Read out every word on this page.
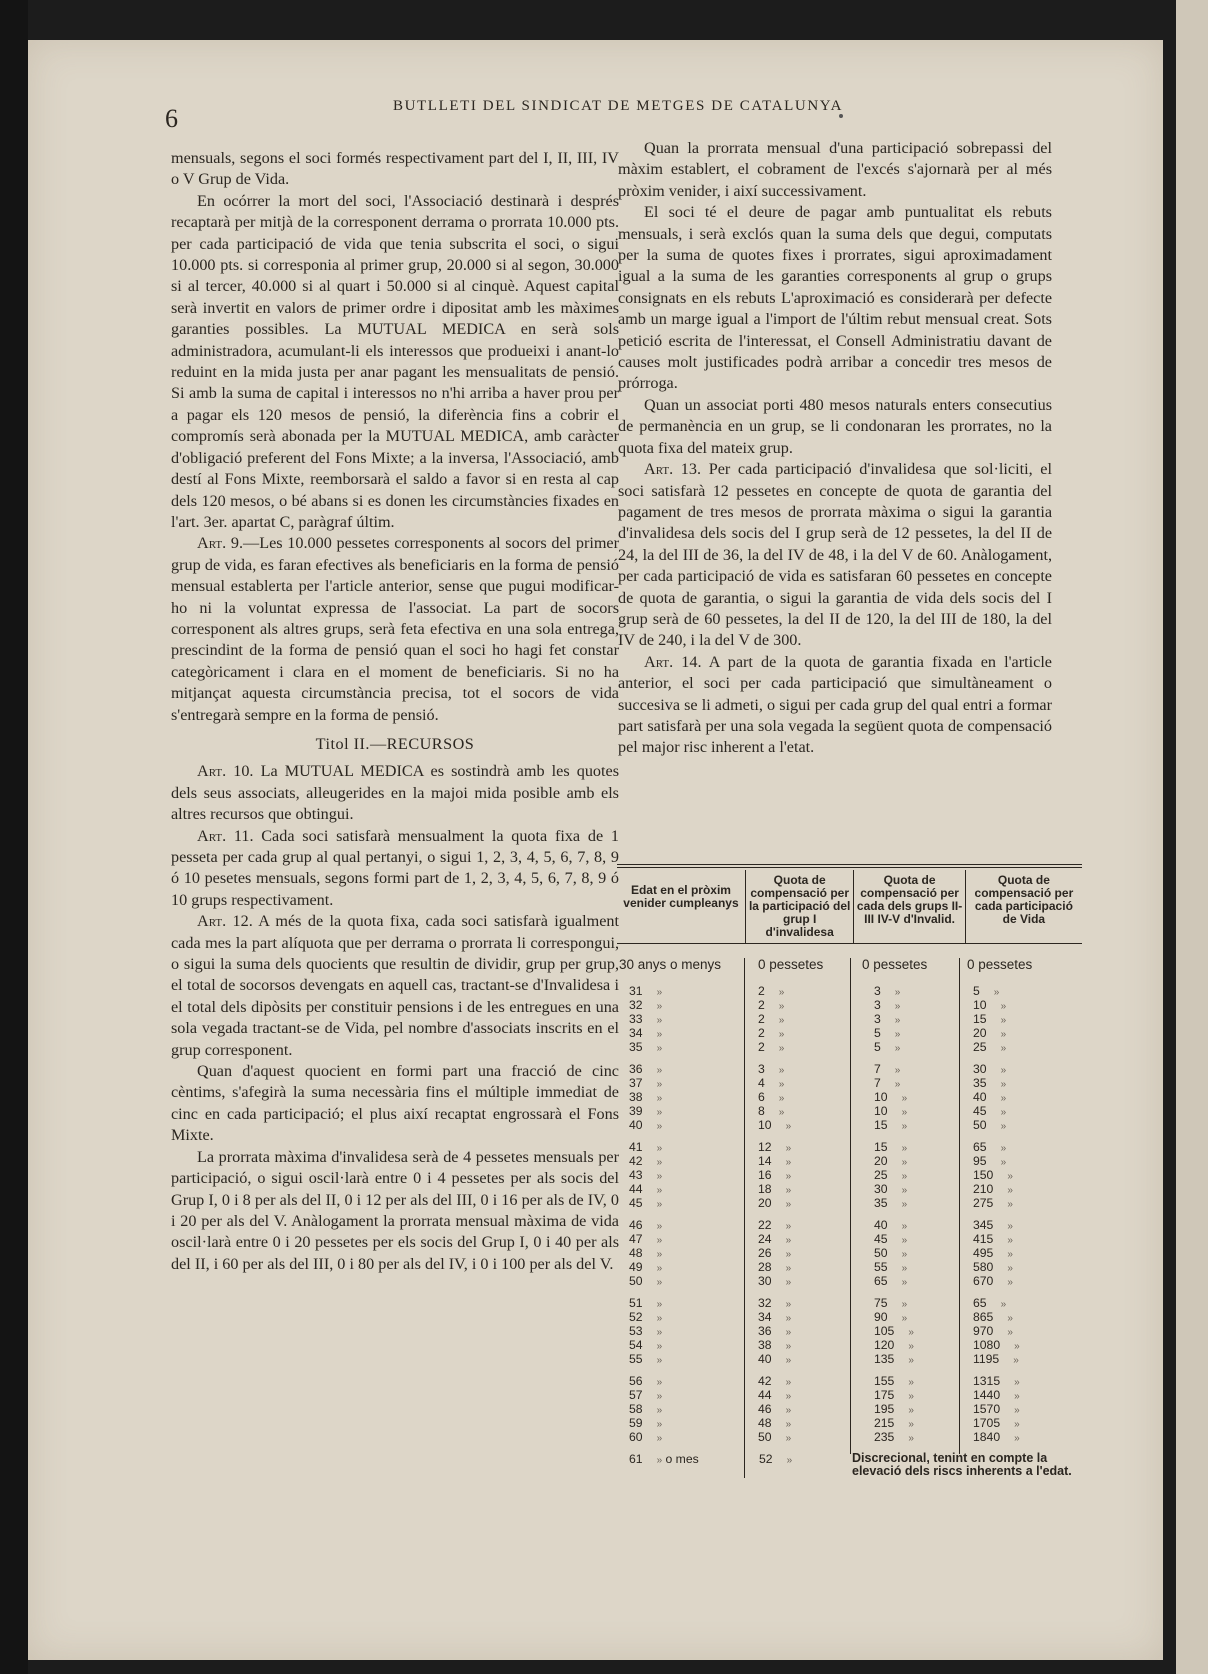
6	BUTLLETI DEL SINDICAT DE METGES DE CATALUNYA

mensuals, segons el soci formés respectivament part del I, II, III, IV o V Grup de Vida.

En ocórrer la mort del soci, l'Associació destinarà i després recaptarà per mitjà de la corresponent derrama o prorrata 10.000 pts. per cada participació de vida que tenia subscrita el soci, o sigui 10.000 pts. si corresponia al primer grup, 20.000 si al segon, 30.000 si al tercer, 40.000 si al quart i 50.000 si al cinquè. Aquest capital serà invertit en valors de primer ordre i dipositat amb les màximes garanties possibles. La MUTUAL MEDICA en serà sols administradora, acumulant-li els interessos que produeixi i anant-lo reduint en la mida justa per anar pagant les mensualitats de pensió. Si amb la suma de capital i interessos no n'hi arriba a haver prou per a pagar els 120 mesos de pensió, la diferència fins a cobrir el compromís serà abonada per la MUTUAL MEDICA, amb caràcter d'obligació preferent del Fons Mixte; a la inversa, l'Associació, amb destí al Fons Mixte, reemborsarà el saldo a favor si en resta al cap dels 120 mesos, o bé abans si es donen les circumstàncies fixades en l'art. 3er. apartat C, paràgraf últim.

Art. 9.—Les 10.000 pessetes corresponents al socors del primer grup de vida, es faran efectives als beneficiaris en la forma de pensió mensual establerta per l'article anterior, sense que pugui modificar-ho ni la voluntat expressa de l'associat. La part de socors corresponent als altres grups, serà feta efectiva en una sola entrega, prescindint de la forma de pensió quan el soci ho hagi fet constar categòricament i clara en el moment de beneficiaris. Si no ha mitjançat aquesta circumstància precisa, tot el socors de vida s'entregarà sempre en la forma de pensió.

Titol II.—RECURSOS

Art. 10. La MUTUAL MEDICA es sostindrà amb les quotes dels seus associats, alleugerides en la majoi mida posible amb els altres recursos que obtingui.

Art. 11. Cada soci satisfarà mensualment la quota fixa de 1 pesseta per cada grup al qual pertanyi, o sigui 1, 2, 3, 4, 5, 6, 7, 8, 9 ó 10 pesetes mensuals, segons formi part de 1, 2, 3, 4, 5, 6, 7, 8, 9 ó 10 grups respectivament.

Art. 12. A més de la quota fixa, cada soci satisfarà igualment cada mes la part alíquota que per derrama o prorrata li correspongui, o sigui la suma dels quocients que resultin de dividir, grup per grup, el total de socorsos devengats en aquell cas, tractant-se d'Invalidesa i el total dels dipòsits per constituir pensions i de les entregues en una sola vegada tractant-se de Vida, pel nombre d'associats inscrits en el grup corresponent.

Quan d'aquest quocient en formi part una fracció de cinc cèntims, s'afegirà la suma necessària fins el múltiple immediat de cinc en cada participació; el plus així recaptat engrossarà el Fons Mixte.

La prorrata màxima d'invalidesa serà de 4 pessetes mensuals per participació, o sigui oscil·larà entre 0 i 4 pessetes per als socis del Grup I, 0 i 8 per als del II, 0 i 12 per als del III, 0 i 16 per als de IV, 0 i 20 per als del V. Anàlogament la prorrata mensual màxima de vida oscil·larà entre 0 i 20 pessetes per els socis del Grup I, 0 i 40 per als del II, i 60 per als del III, 0 i 80 per als del IV, i 0 i 100 per als del V.

Quan la prorrata mensual d'una participació sobrepassi del màxim establert, el cobrament de l'excés s'ajornarà per al més pròxim venider, i així successivament.

El soci té el deure de pagar amb puntualitat els rebuts mensuals, i serà exclós quan la suma dels que degui, computats per la suma de quotes fixes i prorrates, sigui aproximadament igual a la suma de les garanties corresponents al grup o grups consignats en els rebuts L'aproximació es considerarà per defecte amb un marge igual a l'import de l'últim rebut mensual creat. Sots petició escrita de l'interessat, el Consell Administratiu davant de causes molt justificades podrà arribar a concedir tres mesos de prórroga.

Quan un associat porti 480 mesos naturals enters consecutius de permanència en un grup, se li condonaran les prorrates, no la quota fixa del mateix grup.

Art. 13. Per cada participació d'invalidesa que sol·liciti, el soci satisfarà 12 pessetes en concepte de quota de garantia del pagament de tres mesos de prorrata màxima o sigui la garantia d'invalidesa dels socis del I grup serà de 12 pessetes, la del II de 24, la del III de 36, la del IV de 48, i la del V de 60. Anàlogament, per cada participació de vida es satisfaran 60 pessetes en concepte de quota de garantia, o sigui la garantia de vida dels socis del I grup serà de 60 pessetes, la del II de 120, la del III de 180, la del IV de 240, i la del V de 300.

Art. 14. A part de la quota de garantia fixada en l'article anterior, el soci per cada participació que simultàneament o succesiva se li admeti, o sigui per cada grup del qual entri a formar part satisfarà per una sola vegada la següent quota de compensació pel major risc inherent a l'etat.

Edat en el pròxim venider cumpleanys
Quota de compensació per la participació del grup I d'invalidesa
Quota de compensació per cada dels grups II-III IV-V d'Invalid.
Quota de compensació per cada participació de Vida
30 anys o menys	0 pessetes	0 pessetes	0 pessetes
31 »	2 »	3 »	5 »
32 »	2 »	3 »	10 »
33 »	2 »	3 »	15 »
34 »	2 »	5 »	20 »
35 »	2 »	5 »	25 »
36 »	3 »	7 »	30 »
37 »	4 »	7 »	35 »
38 »	6 »	10 »	40 »
39 »	8 »	10 »	45 »
40 »	10 »	15 »	50 »
41 »	12 »	15 »	65 »
42 »	14 »	20 »	95 »
43 »	16 »	25 »	150 »
44 »	18 »	30 »	210 »
45 »	20 »	35 »	275 »
46 »	22 »	40 »	345 »
47 »	24 »	45 »	415 »
48 »	26 »	50 »	495 »
49 »	28 »	55 »	580 »
50 »	30 »	65 »	670 »
51 »	32 »	75 »	65 »
52 »	34 »	90 »	865 »
53 »	36 »	105 »	970 »
54 »	38 »	120 »	1080 »
55 »	40 »	135 »	1195 »
56 »	42 »	155 »	1315 »
57 »	44 »	175 »	1440 »
58 »	46 »	195 »	1570 »
59 »	48 »	215 »	1705 »
60 »	50 »	235 »	1840 »
61 » o mes	52 »	Discrecional, tenint en compte la elevació dels riscs inherents a l'edat.
